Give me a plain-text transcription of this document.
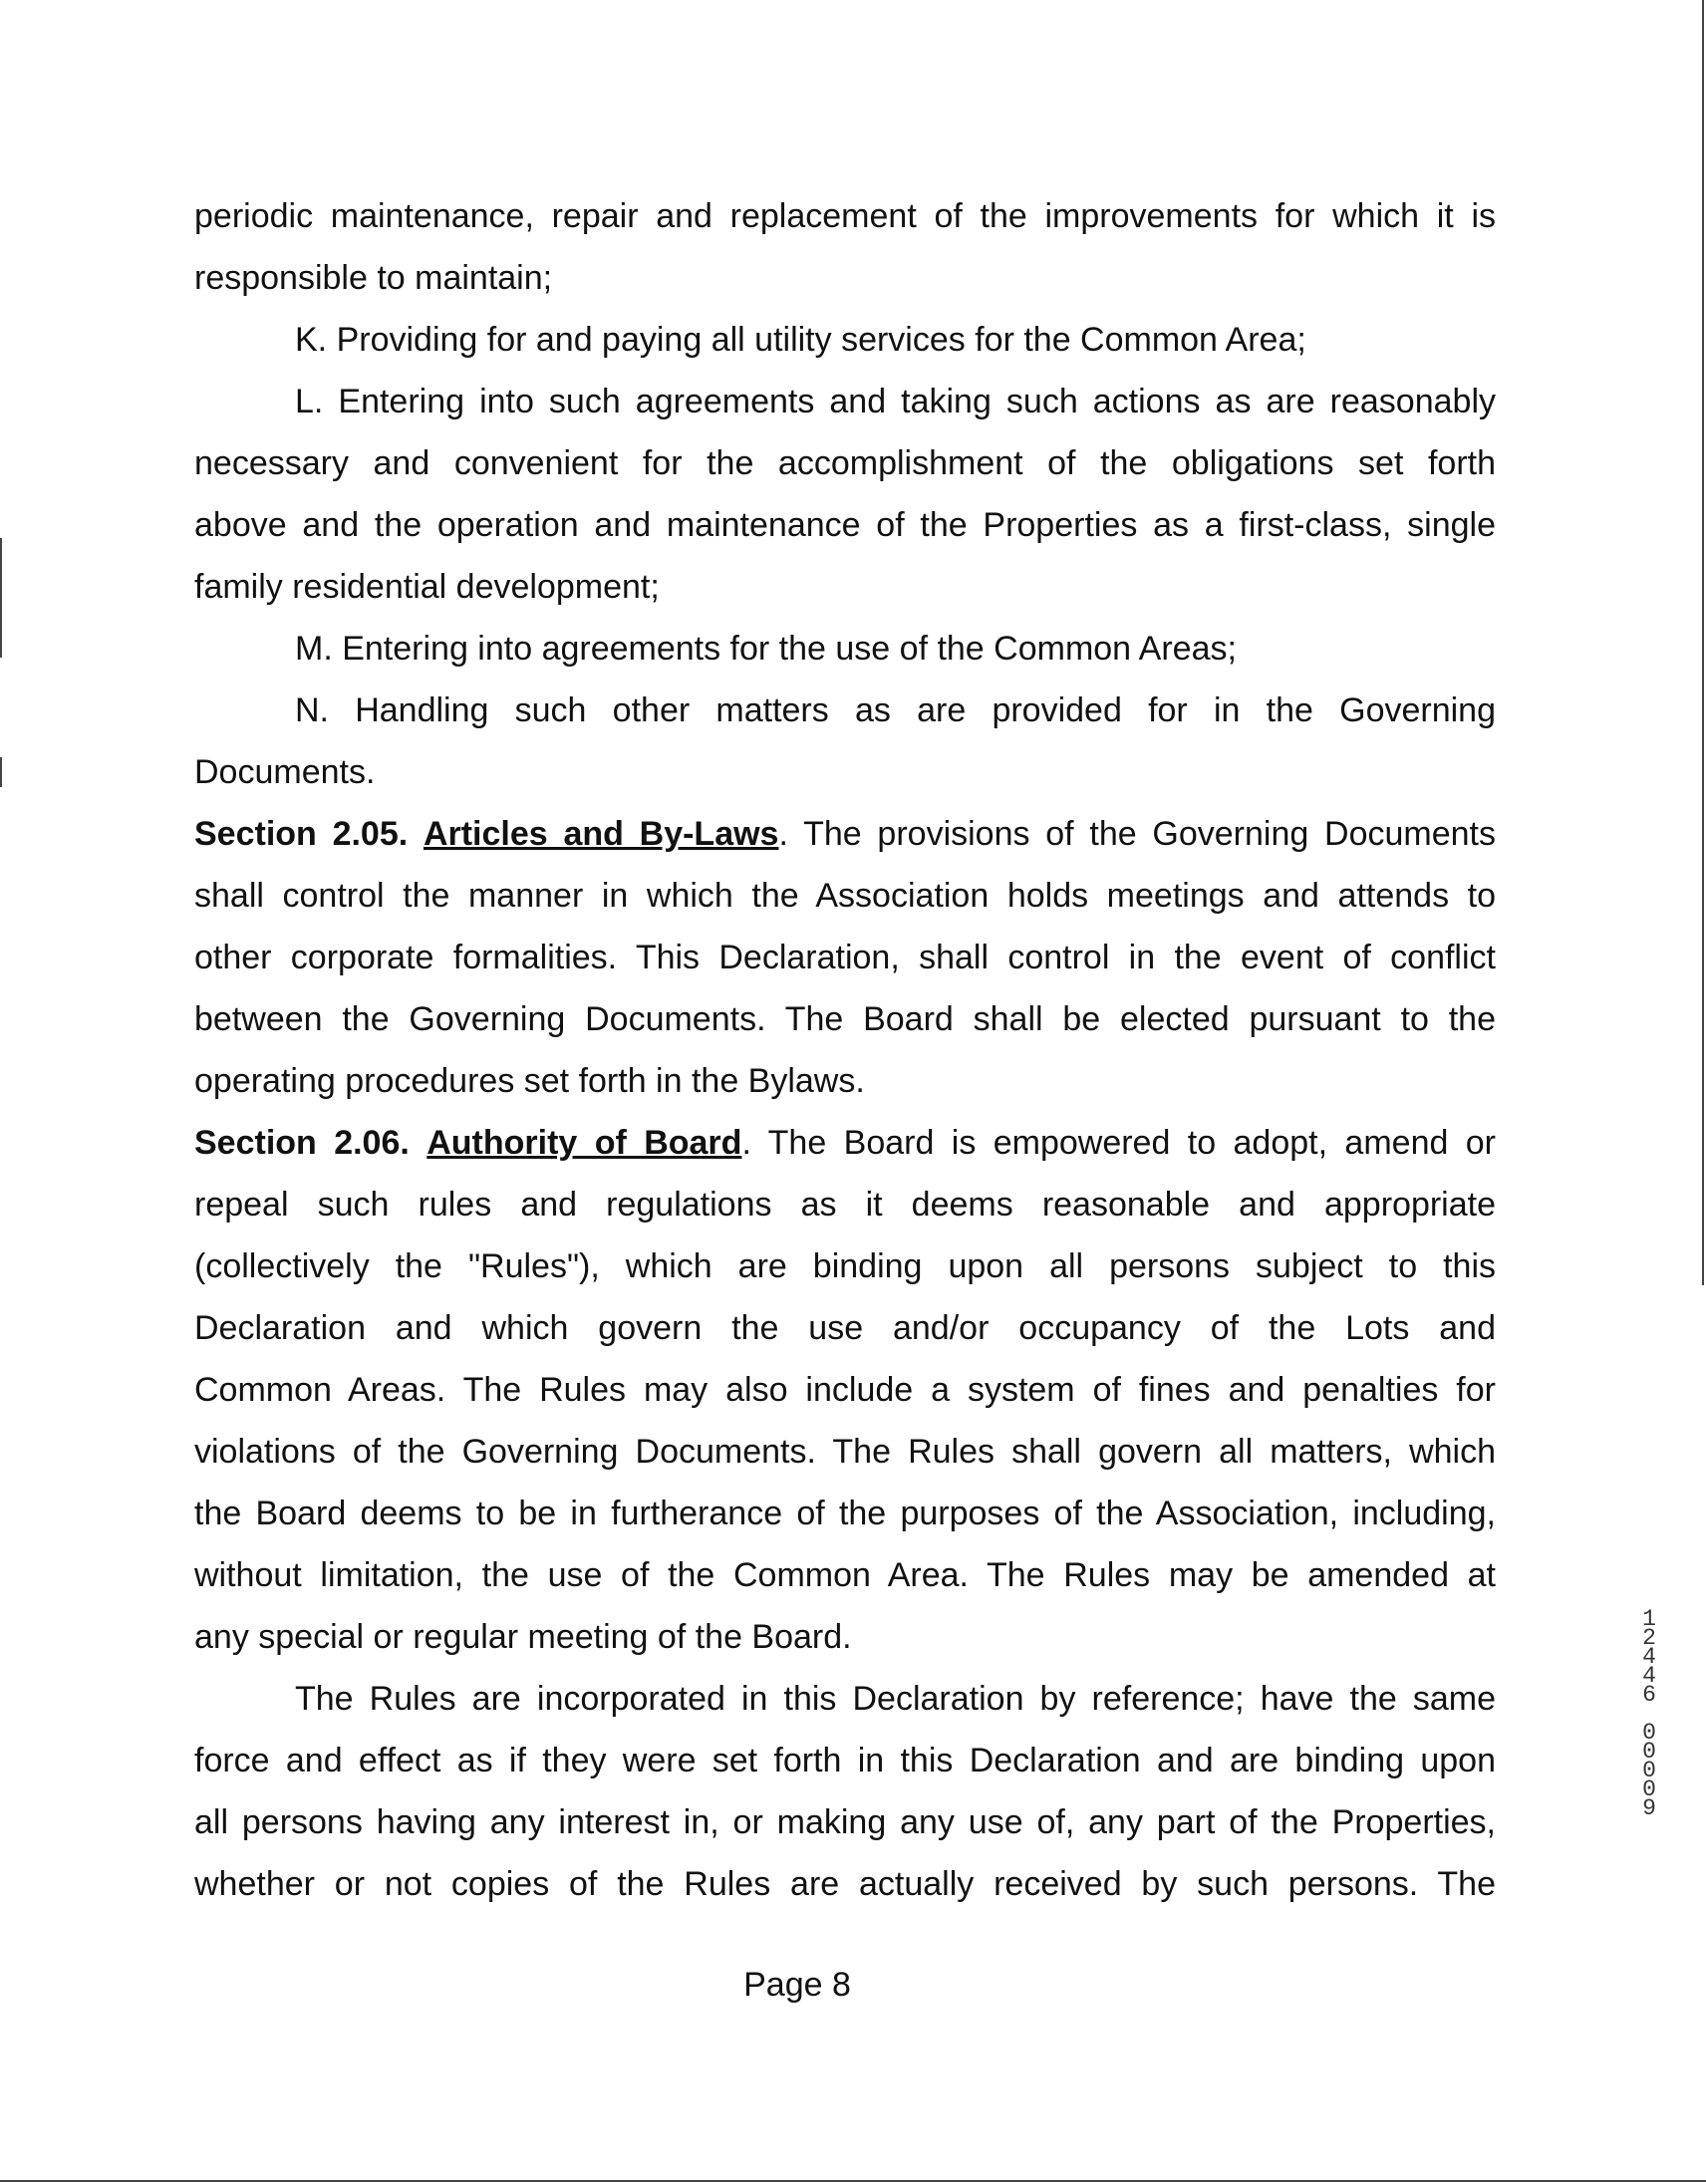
periodic maintenance, repair and replacement of the improvements for which it is
responsible to maintain;
K. Providing for and paying all utility services for the Common Area;
L. Entering into such agreements and taking such actions as are reasonably
necessary and convenient for the accomplishment of the obligations set forth
above and the operation and maintenance of the Properties as a first-class, single
family residential development;
M. Entering into agreements for the use of the Common Areas;
N. Handling such other matters as are provided for in the Governing
Documents.
Section 2.05. Articles and By-Laws. The provisions of the Governing Documents
shall control the manner in which the Association holds meetings and attends to
other corporate formalities. This Declaration, shall control in the event of conflict
between the Governing Documents. The Board shall be elected pursuant to the
operating procedures set forth in the Bylaws.
Section 2.06. Authority of Board. The Board is empowered to adopt, amend or
repeal such rules and regulations as it deems reasonable and appropriate
(collectively the "Rules"), which are binding upon all persons subject to this
Declaration and which govern the use and/or occupancy of the Lots and
Common Areas. The Rules may also include a system of fines and penalties for
violations of the Governing Documents. The Rules shall govern all matters, which
the Board deems to be in furtherance of the purposes of the Association, including,
without limitation, the use of the Common Area. The Rules may be amended at
any special or regular meeting of the Board.
The Rules are incorporated in this Declaration by reference; have the same
force and effect as if they were set forth in this Declaration and are binding upon
all persons having any interest in, or making any use of, any part of the Properties,
whether or not copies of the Rules are actually received by such persons. The
Page 8
1
2
4
4
6
0
0
0
0
9
